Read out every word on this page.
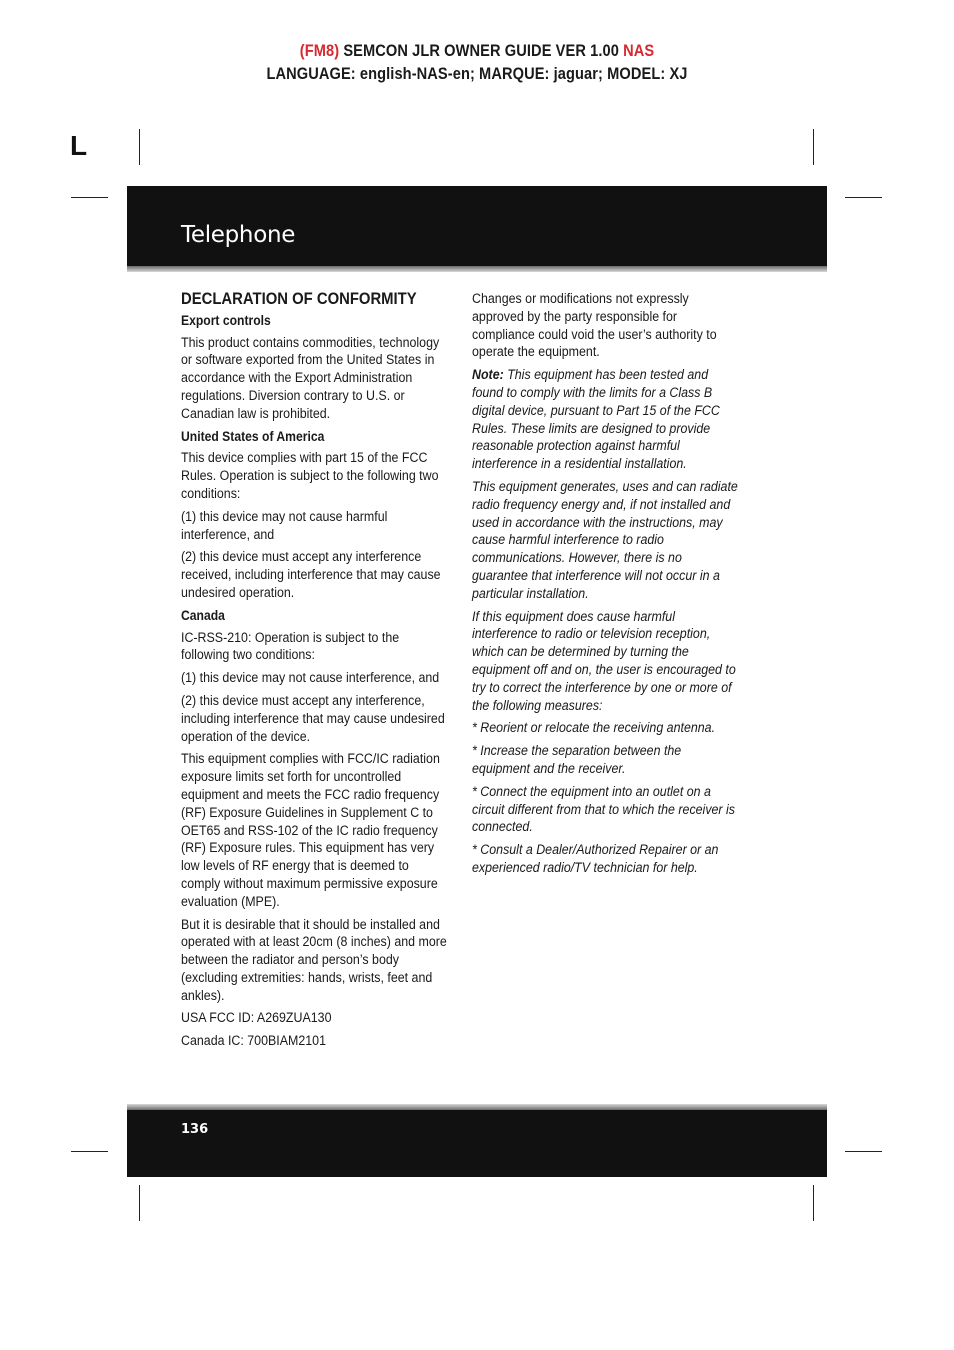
(FM8) SEMCON JLR OWNER GUIDE VER 1.00 NAS
LANGUAGE: english-NAS-en; MARQUE: jaguar; MODEL: XJ
L
Telephone
DECLARATION OF CONFORMITY
Export controls

This product contains commodities, technology or software exported from the United States in accordance with the Export Administration regulations. Diversion contrary to U.S. or Canadian law is prohibited.

United States of America

This device complies with part 15 of the FCC Rules. Operation is subject to the following two conditions:

(1) this device may not cause harmful interference, and

(2) this device must accept any interference received, including interference that may cause undesired operation.

Canada

IC-RSS-210: Operation is subject to the following two conditions:

(1) this device may not cause interference, and

(2) this device must accept any interference, including interference that may cause undesired operation of the device.

This equipment complies with FCC/IC radiation exposure limits set forth for uncontrolled equipment and meets the FCC radio frequency (RF) Exposure Guidelines in Supplement C to OET65 and RSS-102 of the IC radio frequency (RF) Exposure rules. This equipment has very low levels of RF energy that is deemed to comply without maximum permissive exposure evaluation (MPE).

But it is desirable that it should be installed and operated with at least 20cm (8 inches) and more between the radiator and person’s body (excluding extremities: hands, wrists, feet and ankles).

USA FCC ID: A269ZUA130

Canada IC: 700BIAM2101

Changes or modifications not expressly approved by the party responsible for compliance could void the user’s authority to operate the equipment.

Note: This equipment has been tested and found to comply with the limits for a Class B digital device, pursuant to Part 15 of the FCC Rules. These limits are designed to provide reasonable protection against harmful interference in a residential installation.

This equipment generates, uses and can radiate radio frequency energy and, if not installed and used in accordance with the instructions, may cause harmful interference to radio communications. However, there is no guarantee that interference will not occur in a particular installation.

If this equipment does cause harmful interference to radio or television reception, which can be determined by turning the equipment off and on, the user is encouraged to try to correct the interference by one or more of the following measures:

* Reorient or relocate the receiving antenna.

* Increase the separation between the equipment and the receiver.

* Connect the equipment into an outlet on a circuit different from that to which the receiver is connected.

* Consult a Dealer/Authorized Repairer or an experienced radio/TV technician for help.

136
